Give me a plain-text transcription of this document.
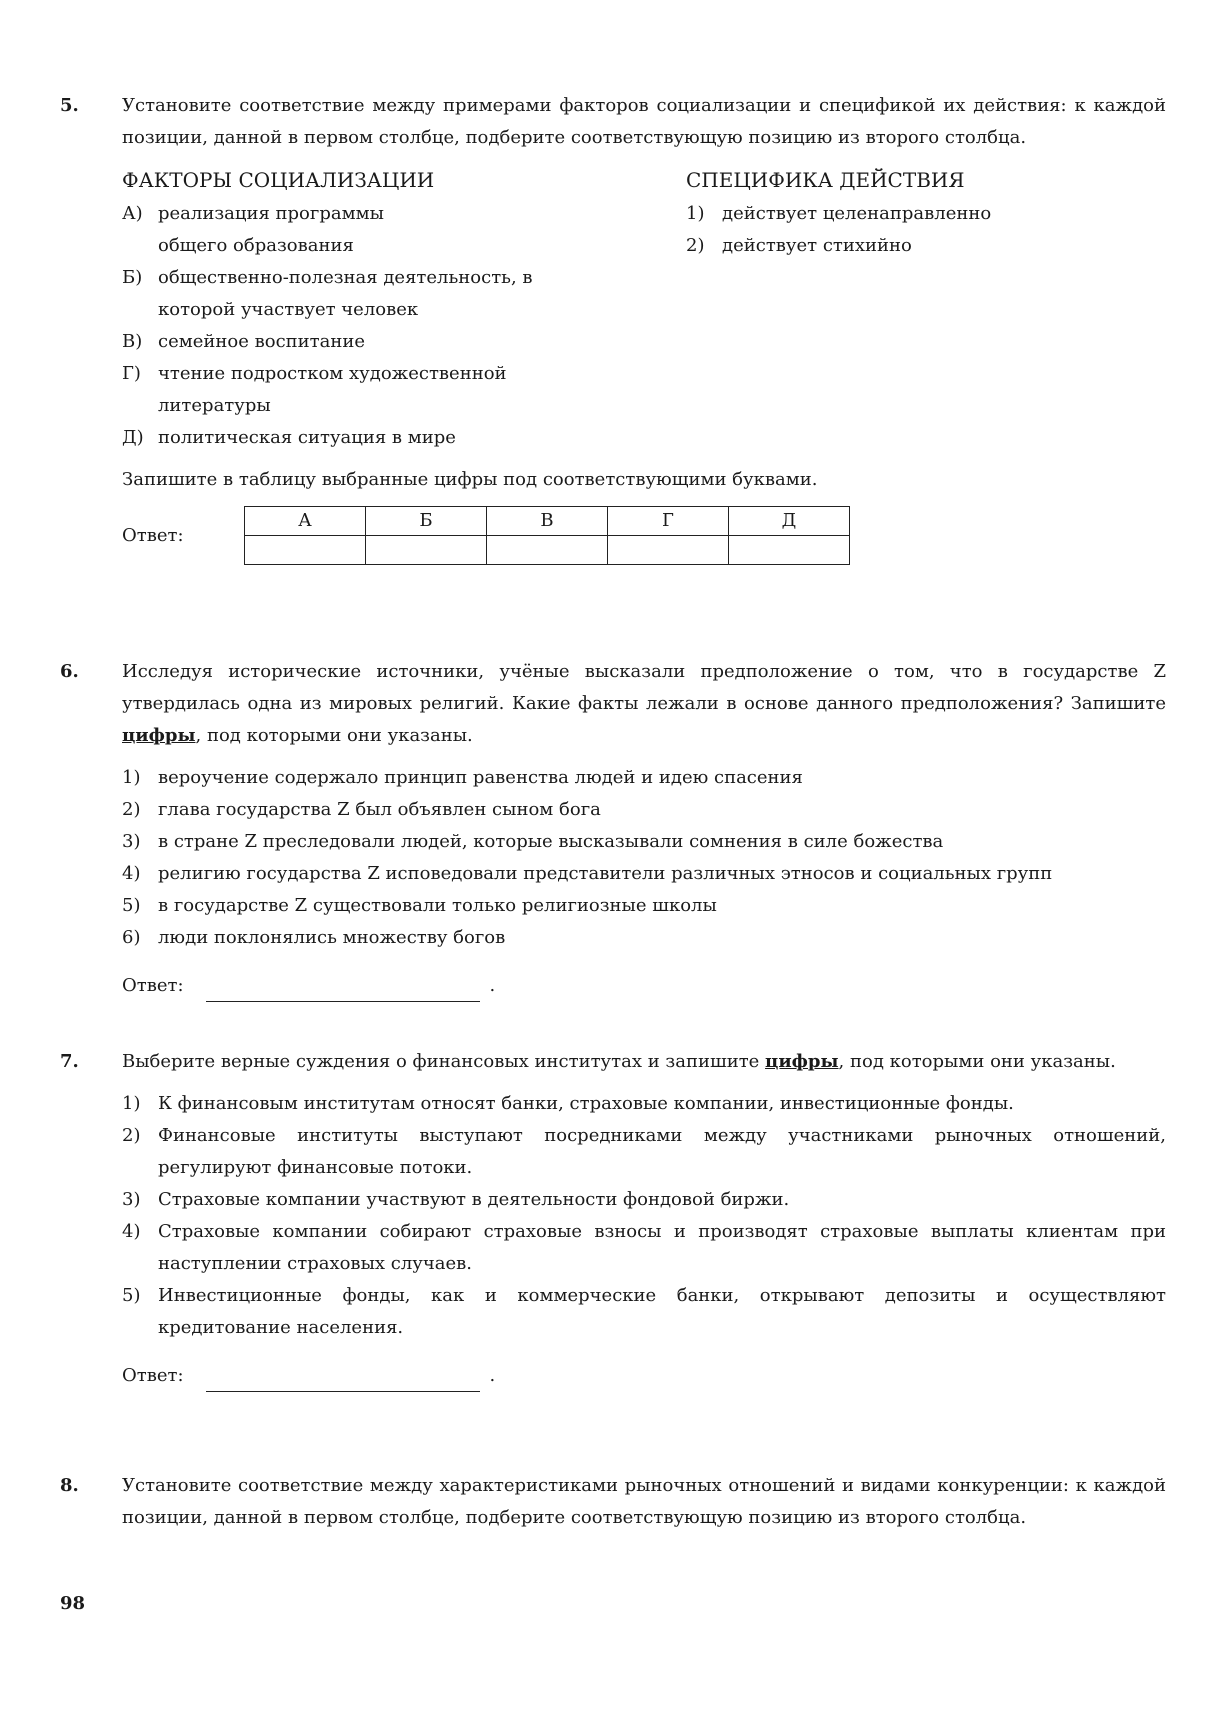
5. Установите соответствие между примерами факторов социализации и спецификой их действия: к каждой позиции, данной в первом столбце, подберите соответствующую позицию из второго столбца.
ФАКТОРЫ СОЦИАЛИЗАЦИИ
А) реализация программы общего образования
Б) общественно-полезная деятельность, в которой участвует человек
В) семейное воспитание
Г) чтение подростком художественной литературы
Д) политическая ситуация в мире
СПЕЦИФИКА ДЕЙСТВИЯ
1) действует целенаправленно
2) действует стихийно
Запишите в таблицу выбранные цифры под соответствующими буквами.
Ответ:
А	Б	В	Г	Д

6. Исследуя исторические источники, учёные высказали предположение о том, что в государстве Z утвердилась одна из мировых религий. Какие факты лежали в основе данного предположения? Запишите цифры, под которыми они указаны.
1) вероучение содержало принцип равенства людей и идею спасения
2) глава государства Z был объявлен сыном бога
3) в стране Z преследовали людей, которые высказывали сомнения в силе божества
4) религию государства Z исповедовали представители различных этносов и социальных групп
5) в государстве Z существовали только религиозные школы
6) люди поклонялись множеству богов
Ответ:	.
7. Выберите верные суждения о финансовых институтах и запишите цифры, под которыми они указаны.
1) К финансовым институтам относят банки, страховые компании, инвестиционные фонды.
2) Финансовые институты выступают посредниками между участниками рыночных отношений, регулируют финансовые потоки.
3) Страховые компании участвуют в деятельности фондовой биржи.
4) Страховые компании собирают страховые взносы и производят страховые выплаты клиентам при наступлении страховых случаев.
5) Инвестиционные фонды, как и коммерческие банки, открывают депозиты и осуществляют кредитование населения.
Ответ:	.
8. Установите соответствие между характеристиками рыночных отношений и видами конкуренции: к каждой позиции, данной в первом столбце, подберите соответствующую позицию из второго столбца.
98
